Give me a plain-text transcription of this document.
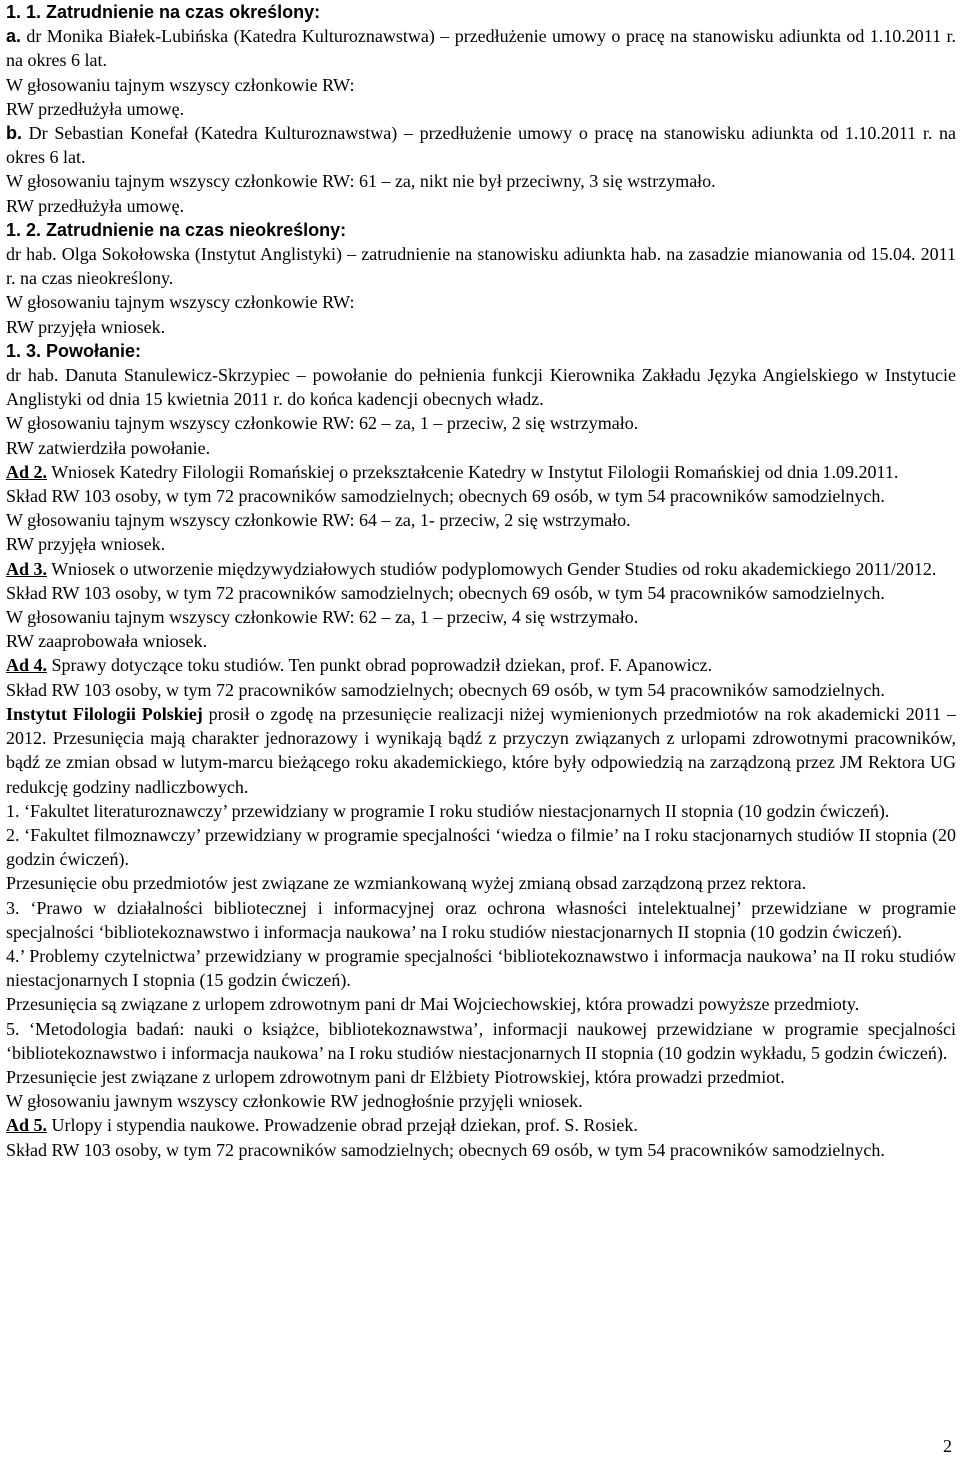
1. 1. Zatrudnienie na czas określony:

a. dr Monika Białek-Lubińska (Katedra Kulturoznawstwa) – przedłużenie umowy o pracę na stanowisku adiunkta od 1.10.2011 r. na okres 6 lat.

W głosowaniu tajnym wszyscy członkowie RW:

RW przedłużyła umowę.

b. Dr Sebastian Konefał (Katedra Kulturoznawstwa) – przedłużenie umowy o pracę na stanowisku adiunkta od 1.10.2011 r. na okres 6 lat.

W głosowaniu tajnym wszyscy członkowie RW: 61 – za, nikt nie był przeciwny, 3 się wstrzymało.

RW przedłużyła umowę.

1. 2. Zatrudnienie na czas nieokreślony:

dr hab. Olga Sokołowska (Instytut Anglistyki) – zatrudnienie na stanowisku adiunkta hab. na zasadzie mianowania od 15.04. 2011 r. na czas nieokreślony.

W głosowaniu tajnym wszyscy członkowie RW:

RW przyjęła wniosek.

1. 3. Powołanie:

dr hab. Danuta Stanulewicz-Skrzypiec – powołanie do pełnienia funkcji Kierownika Zakładu Języka Angielskiego w Instytucie Anglistyki od dnia 15 kwietnia 2011 r. do końca kadencji obecnych władz.

W głosowaniu tajnym wszyscy członkowie RW: 62 – za, 1 – przeciw, 2 się wstrzymało.

RW zatwierdziła powołanie.

Ad 2. Wniosek Katedry Filologii Romańskiej o przekształcenie Katedry w Instytut Filologii Romańskiej od dnia 1.09.2011.

Skład RW 103 osoby, w tym 72 pracowników samodzielnych; obecnych 69 osób, w tym 54 pracowników samodzielnych.

W głosowaniu tajnym wszyscy członkowie RW: 64 – za, 1- przeciw, 2 się wstrzymało.

RW przyjęła wniosek.

Ad 3. Wniosek o utworzenie międzywydziałowych studiów podyplomowych Gender Studies od roku akademickiego 2011/2012.

Skład RW 103 osoby, w tym 72 pracowników samodzielnych; obecnych 69 osób, w tym 54 pracowników samodzielnych.

W głosowaniu tajnym wszyscy członkowie RW: 62 – za, 1 – przeciw, 4 się wstrzymało.

RW zaaprobowała wniosek.

Ad 4. Sprawy dotyczące toku studiów. Ten punkt obrad poprowadził dziekan, prof. F. Apanowicz.

Skład RW 103 osoby, w tym 72 pracowników samodzielnych; obecnych 69 osób, w tym 54 pracowników samodzielnych.

Instytut Filologii Polskiej prosił o zgodę na przesunięcie realizacji niżej wymienionych przedmiotów na rok akademicki 2011 – 2012. Przesunięcia mają charakter jednorazowy i wynikają bądź z przyczyn związanych z urlopami zdrowotnymi pracowników, bądź ze zmian obsad w lutym-marcu bieżącego roku akademickiego, które były odpowiedzią na zarządzoną przez JM Rektora UG redukcję godziny nadliczbowych.

1. ‘Fakultet literaturoznawczy’ przewidziany w programie I roku studiów niestacjonarnych II stopnia (10 godzin ćwiczeń).

2. ‘Fakultet filmoznawczy’ przewidziany w programie specjalności ‘wiedza o filmie’ na I roku stacjonarnych studiów II stopnia (20 godzin ćwiczeń).

Przesunięcie obu przedmiotów jest związane ze wzmiankowaną wyżej zmianą obsad zarządzoną przez rektora.

3. ‘Prawo w działalności bibliotecznej i informacyjnej oraz ochrona własności intelektualnej’ przewidziane w programie specjalności ‘bibliotekoznawstwo i informacja naukowa’ na I roku studiów niestacjonarnych II stopnia (10 godzin ćwiczeń).

4.’ Problemy czytelnictwa’ przewidziany w programie specjalności ‘bibliotekoznawstwo i informacja naukowa’ na II roku studiów niestacjonarnych I stopnia (15 godzin ćwiczeń).

Przesunięcia są związane z urlopem zdrowotnym pani dr Mai Wojciechowskiej, która prowadzi powyższe przedmioty.

5. ‘Metodologia badań: nauki o książce, bibliotekoznawstwa’, informacji naukowej przewidziane w programie specjalności ‘bibliotekoznawstwo i informacja naukowa’ na I roku studiów niestacjonarnych II stopnia (10 godzin wykładu, 5 godzin ćwiczeń).

Przesunięcie jest związane z urlopem zdrowotnym pani dr Elżbiety Piotrowskiej, która prowadzi przedmiot.

W głosowaniu jawnym wszyscy członkowie RW jednogłośnie przyjęli wniosek.

Ad 5. Urlopy i stypendia naukowe. Prowadzenie obrad przejął dziekan, prof. S. Rosiek.

Skład RW 103 osoby, w tym 72 pracowników samodzielnych; obecnych 69 osób, w tym 54 pracowników samodzielnych.

2
